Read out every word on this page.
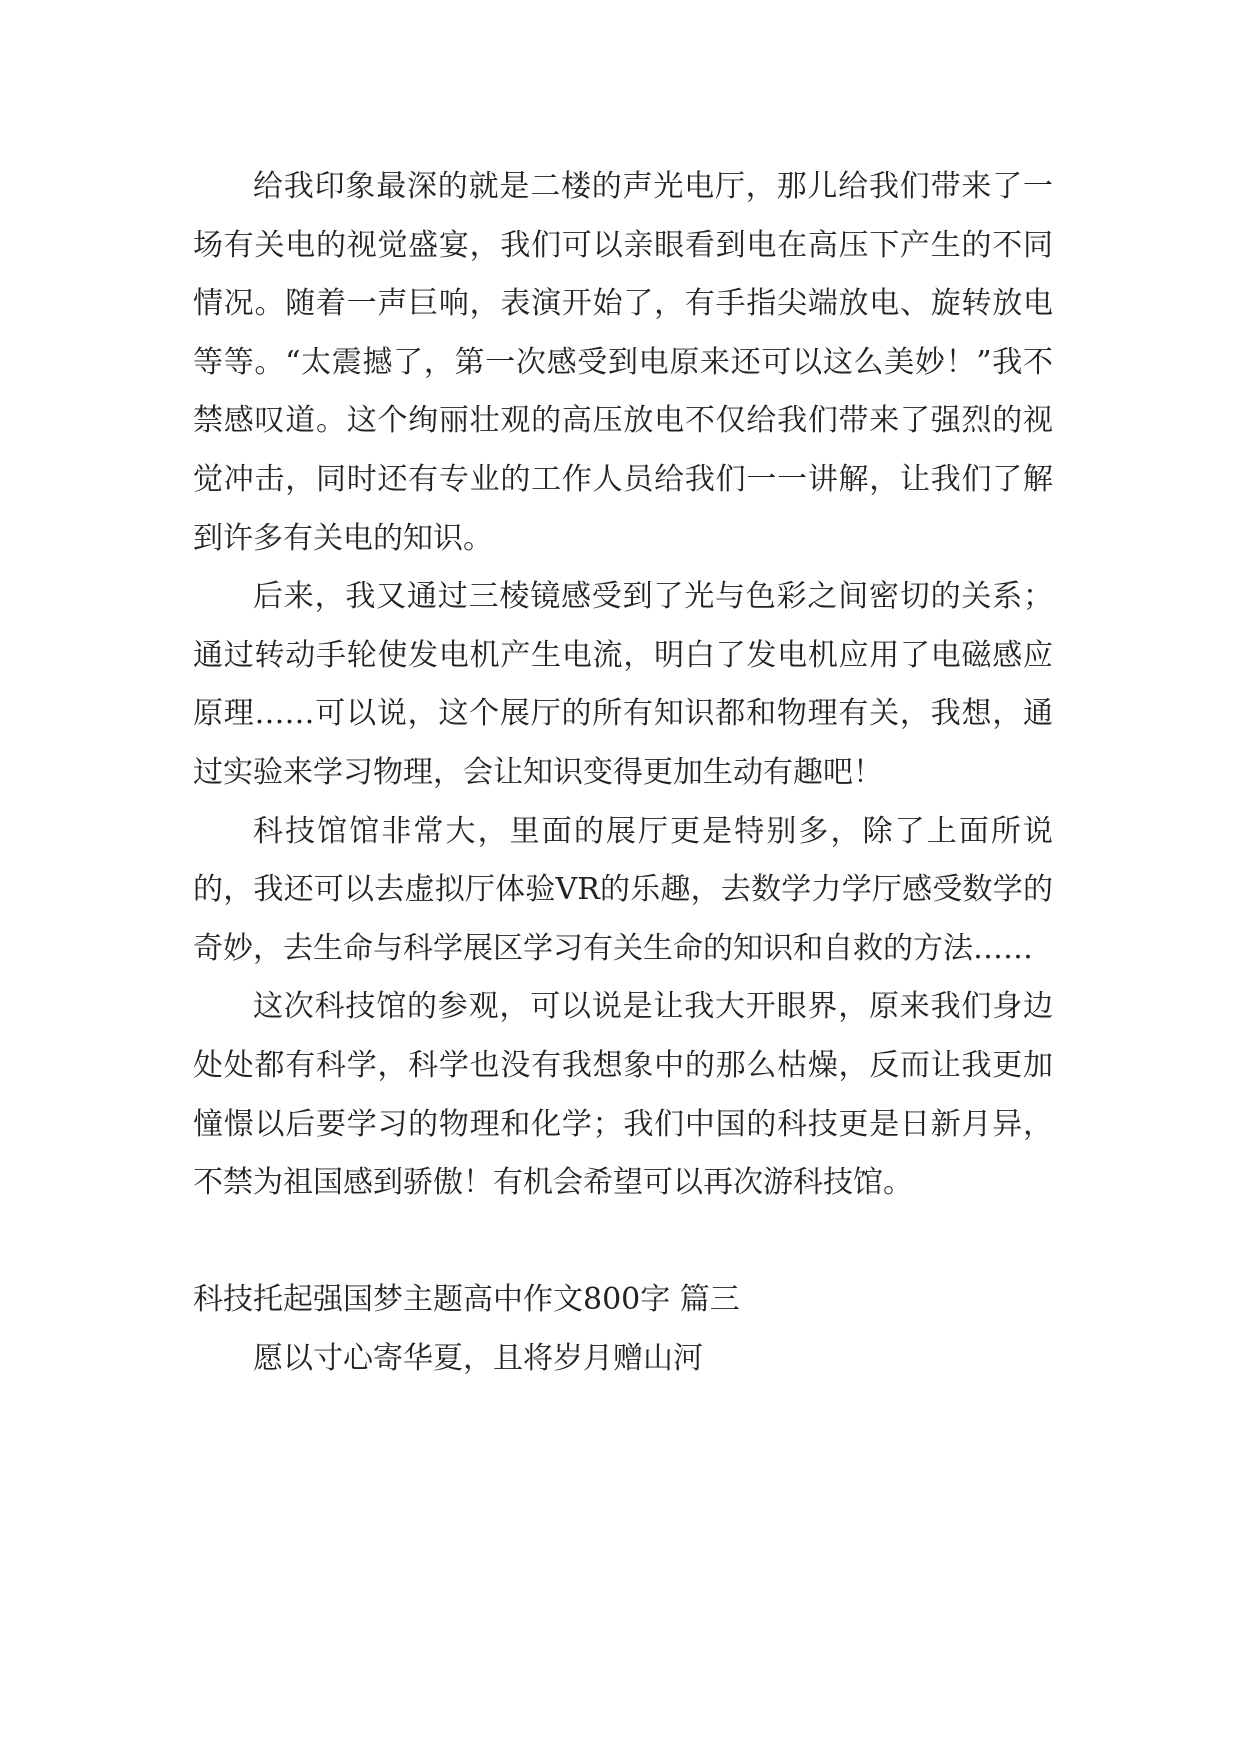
给我印象最深的就是二楼的声光电厅，那儿给我们带来了一场有关电的视觉盛宴，我们可以亲眼看到电在高压下产生的不同情况。随着一声巨响，表演开始了，有手指尖端放电、旋转放电等等。“太震撼了，第一次感受到电原来还可以这么美妙！”我不禁感叹道。这个绚丽壮观的高压放电不仅给我们带来了强烈的视觉冲击，同时还有专业的工作人员给我们一一讲解，让我们了解到许多有关电的知识。

后来，我又通过三棱镜感受到了光与色彩之间密切的关系；通过转动手轮使发电机产生电流，明白了发电机应用了电磁感应原理……可以说，这个展厅的所有知识都和物理有关，我想，通过实验来学习物理，会让知识变得更加生动有趣吧！

科技馆馆非常大，里面的展厅更是特别多，除了上面所说的，我还可以去虚拟厅体验VR的乐趣，去数学力学厅感受数学的奇妙，去生命与科学展区学习有关生命的知识和自救的方法……

这次科技馆的参观，可以说是让我大开眼界，原来我们身边处处都有科学，科学也没有我想象中的那么枯燥，反而让我更加憧憬以后要学习的物理和化学；我们中国的科技更是日新月异，不禁为祖国感到骄傲！有机会希望可以再次游科技馆。

科技托起强国梦主题高中作文800字 篇三

愿以寸心寄华夏，且将岁月赠山河
